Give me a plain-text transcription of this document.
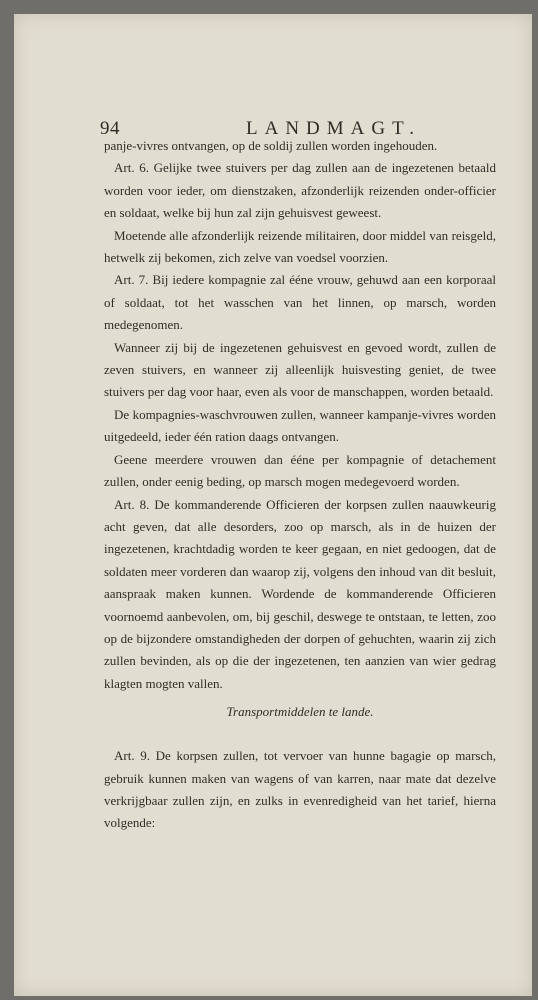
94	LANDMAGT.

panje-vivres ontvangen, op de soldij zullen worden ingehouden.

Art. 6. Gelijke twee stuivers per dag zullen aan de ingezetenen betaald worden voor ieder, om dienstzaken, afzonderlijk reizenden onder-officier en soldaat, welke bij hun zal zijn gehuisvest geweest.

Moetende alle afzonderlijk reizende militairen, door middel van reisgeld, hetwelk zij bekomen, zich zelve van voedsel voorzien.

Art. 7. Bij iedere kompagnie zal ééne vrouw, gehuwd aan een korporaal of soldaat, tot het wasschen van het linnen, op marsch, worden medegenomen.

Wanneer zij bij de ingezetenen gehuisvest en gevoed wordt, zullen de zeven stuivers, en wanneer zij alleenlijk huisvesting geniet, de twee stuivers per dag voor haar, even als voor de manschappen, worden betaald.

De kompagnies-waschvrouwen zullen, wanneer kampanje-vivres worden uitgedeeld, ieder één ration daags ontvangen.

Geene meerdere vrouwen dan ééne per kompagnie of detachement zullen, onder eenig beding, op marsch mogen medegevoerd worden.

Art. 8. De kommanderende Officieren der korpsen zullen naauwkeurig acht geven, dat alle desorders, zoo op marsch, als in de huizen der ingezetenen, krachtdadig worden te keer gegaan, en niet gedoogen, dat de soldaten meer vorderen dan waarop zij, volgens den inhoud van dit besluit, aanspraak maken kunnen. Wordende de kommanderende Officieren voornoemd aanbevolen, om, bij geschil, deswege te ontstaan, te letten, zoo op de bijzondere omstandigheden der dorpen of gehuchten, waarin zij zich zullen bevinden, als op die der ingezetenen, ten aanzien van wier gedrag klagten mogten vallen.

Transportmiddelen te lande.

Art. 9. De korpsen zullen, tot vervoer van hunne bagagie op marsch, gebruik kunnen maken van wagens of van karren, naar mate dat dezelve verkrijgbaar zullen zijn, en zulks in evenredigheid van het tarief, hierna volgende:
